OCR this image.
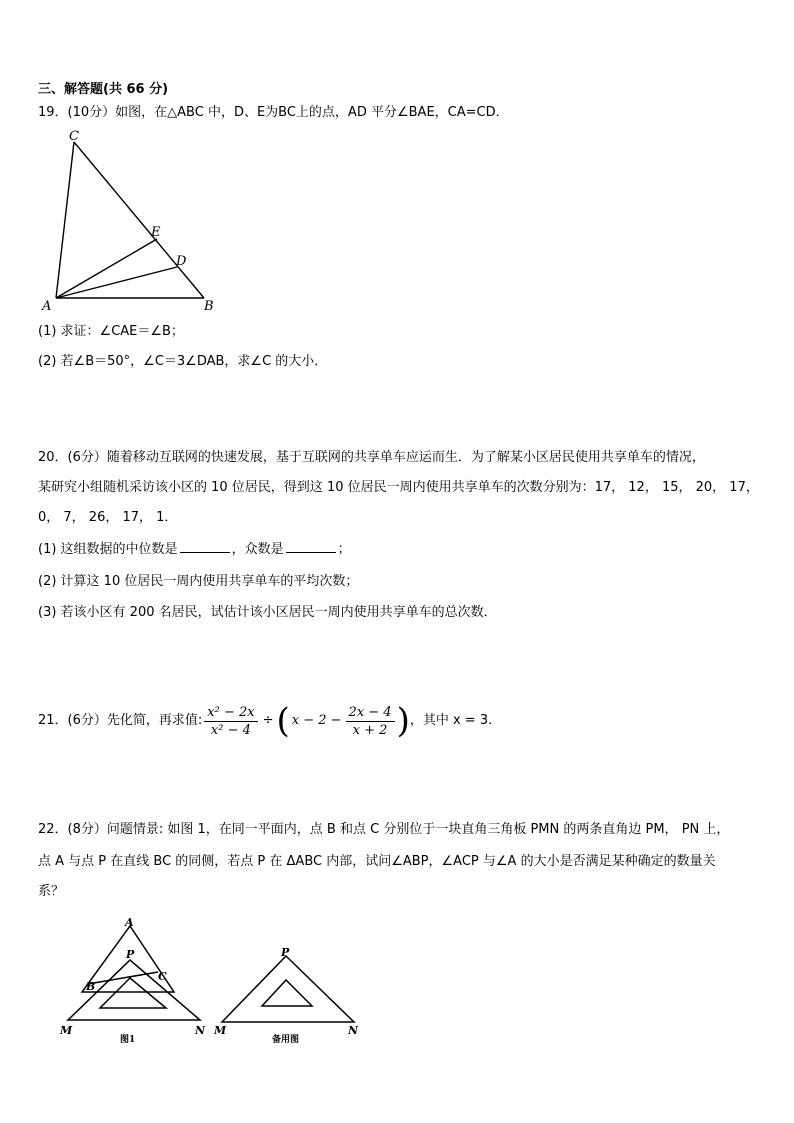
三、解答题(共 66 分)
19．(10分）如图，在△ABC 中，D、E为BC上的点，AD 平分∠BAE，CA=CD．
C
E
D
A	B
(1) 求证：∠CAE＝∠B；
(2) 若∠B＝50°，∠C＝3∠DAB，求∠C 的大小．
20．(6分）随着移动互联网的快速发展，基于互联网的共享单车应运而生．为了解某小区居民使用共享单车的情况，
某研究小组随机采访该小区的 10 位居民，得到这 10 位居民一周内使用共享单车的次数分别为：17， 12， 15， 20， 17，
0， 7， 26， 17， 1．
(1) 这组数据的中位数是	，众数是	；
(2) 计算这 10 位居民一周内使用共享单车的平均次数；
(3) 若该小区有 200 名居民，试估计该小区居民一周内使用共享单车的总次数．
21．(6分）先化简，再求值: $\frac{\text{x² − 2x}}{\text{x² − 4}}$ ÷ ( $x - 2 - \frac{2x - 4}{x + 2}$ ) ，其中 x = 3．
22．(8分）问题情景: 如图 1，在同一平面内，点 B 和点 C 分别位于一块直角三角板 PMN 的两条直角边 PM， PN 上，
点 A 与点 P 在直线 BC 的同侧，若点 P 在 ΔABC 内部，试问∠ABP，∠ACP 与∠A 的大小是否满足某种确定的数量关
系？
A
P
B
C
M	N
图1
P
M	N
备用图
